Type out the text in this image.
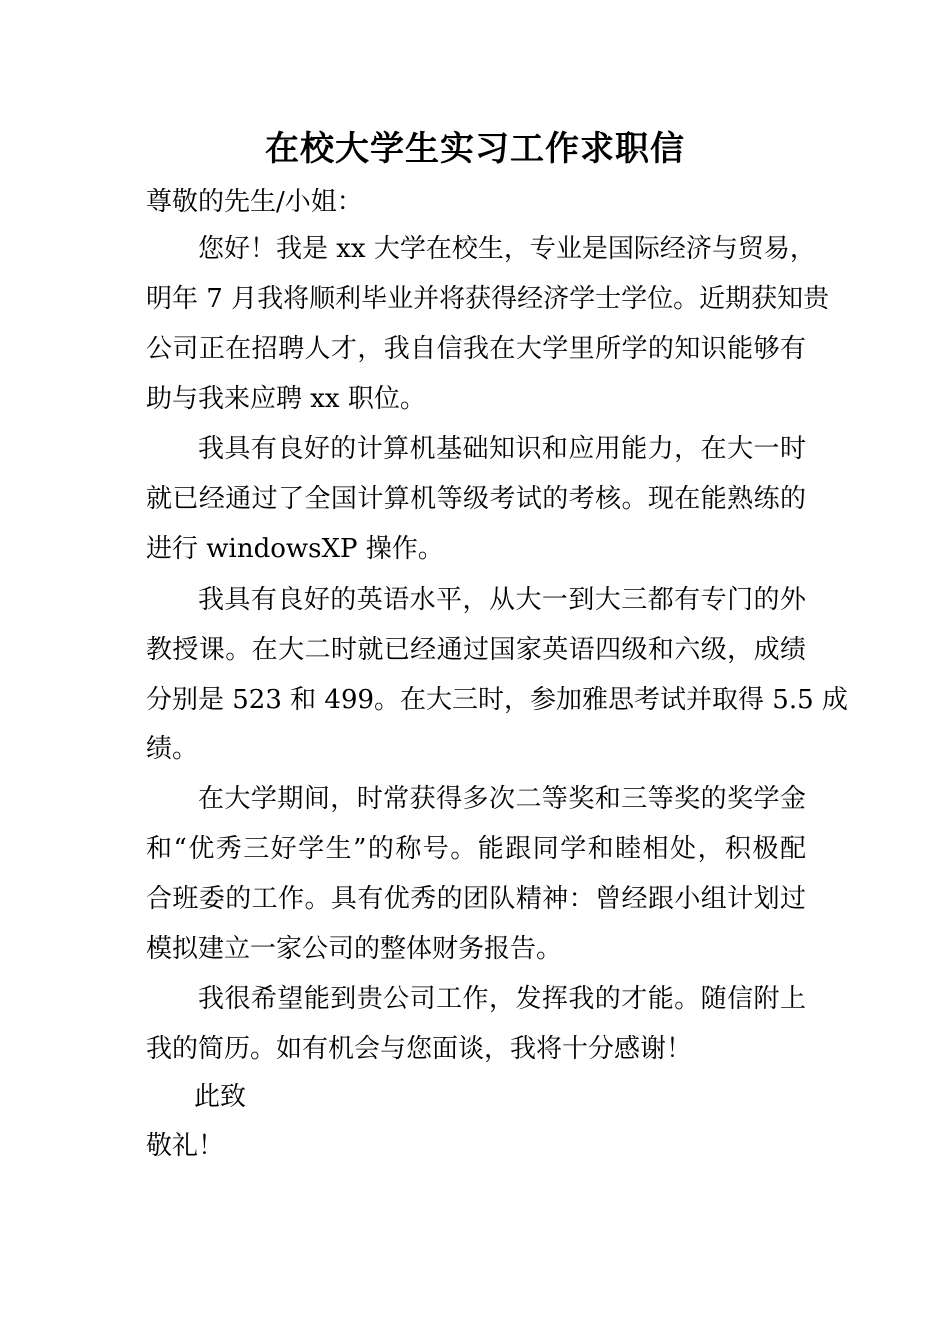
在校大学生实习工作求职信
尊敬的先生/小姐：
您好！我是 xx 大学在校生，专业是国际经济与贸易，
明年 7 月我将顺利毕业并将获得经济学士学位。近期获知贵
公司正在招聘人才，我自信我在大学里所学的知识能够有
助与我来应聘 xx 职位。
我具有良好的计算机基础知识和应用能力，在大一时
就已经通过了全国计算机等级考试的考核。现在能熟练的
进行 windowsXP 操作。
我具有良好的英语水平，从大一到大三都有专门的外
教授课。在大二时就已经通过国家英语四级和六级，成绩
分别是 523 和 499。在大三时，参加雅思考试并取得 5.5 成
绩。
在大学期间，时常获得多次二等奖和三等奖的奖学金
和“优秀三好学生”的称号。能跟同学和睦相处，积极配
合班委的工作。具有优秀的团队精神：曾经跟小组计划过
模拟建立一家公司的整体财务报告。
我很希望能到贵公司工作，发挥我的才能。随信附上
我的简历。如有机会与您面谈，我将十分感谢！
此致
敬礼！
